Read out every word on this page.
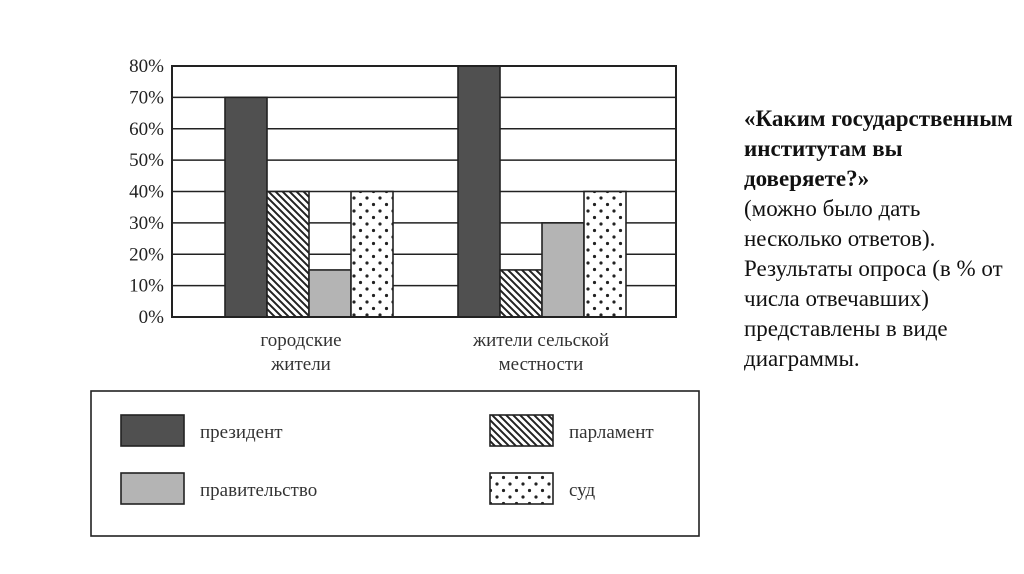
0%
10%
20%
30%
40%
50%
60%
70%
80%
городские жители
жители сельской местности
президент	парламент
правительство	суд
«Каким государственным институтам вы доверяете?»
(можно было дать несколько ответов). Результаты опроса (в % от числа отвечавших) представлены в виде диаграммы.
